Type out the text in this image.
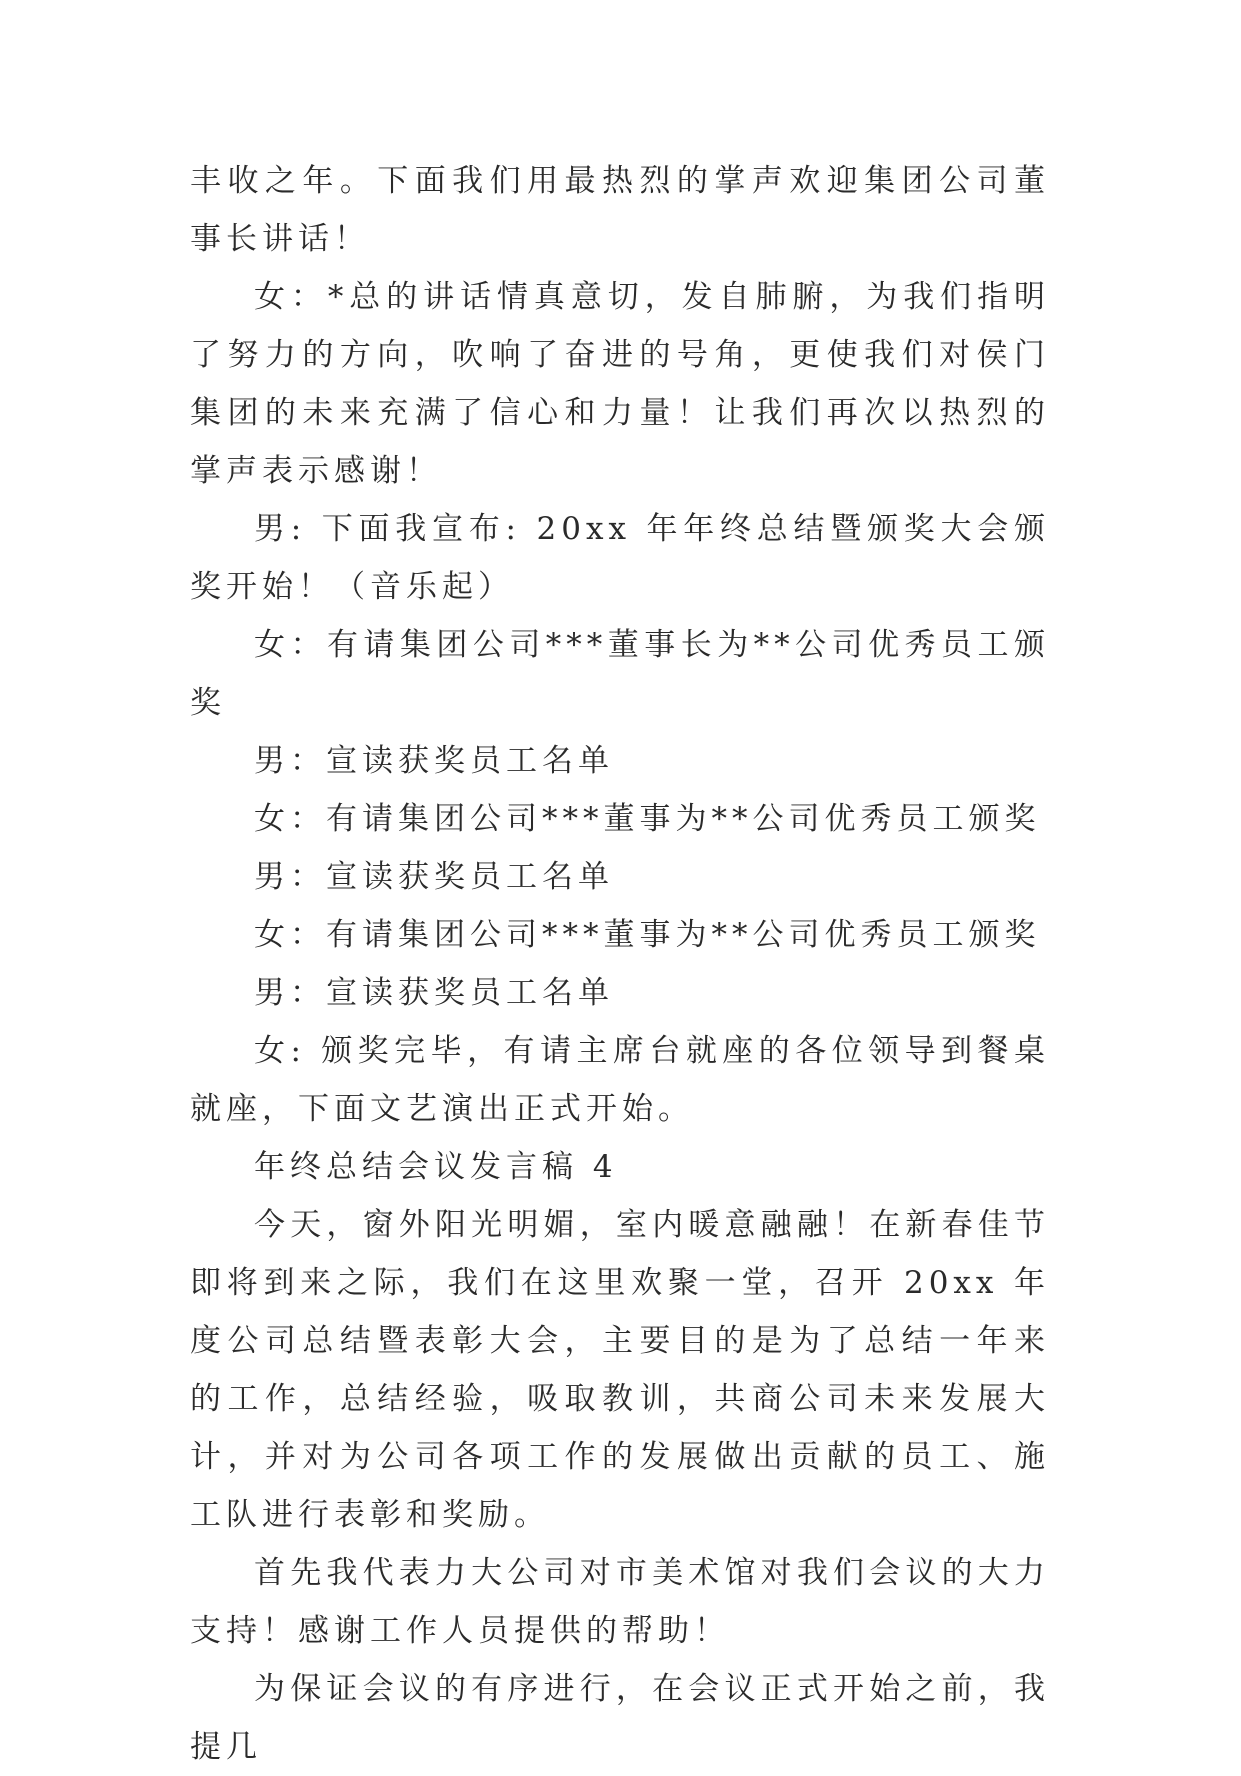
丰收之年。下面我们用最热烈的掌声欢迎集团公司董事长讲话！

女：*总的讲话情真意切，发自肺腑，为我们指明了努力的方向，吹响了奋进的号角，更使我们对侯门集团的未来充满了信心和力量！让我们再次以热烈的掌声表示感谢！

男: 下面我宣布: 20xx 年年终总结暨颁奖大会颁奖开始！（音乐起）

女：有请集团公司***董事长为**公司优秀员工颁奖

男：宣读获奖员工名单

女：有请集团公司***董事为**公司优秀员工颁奖

男：宣读获奖员工名单

女：有请集团公司***董事为**公司优秀员工颁奖

男：宣读获奖员工名单

女: 颁奖完毕，有请主席台就座的各位领导到餐桌就座，下面文艺演出正式开始。

年终总结会议发言稿 4

今天，窗外阳光明媚，室内暖意融融！在新春佳节即将到来之际，我们在这里欢聚一堂，召开 20xx 年度公司总结暨表彰大会，主要目的是为了总结一年来的工作，总结经验，吸取教训，共商公司未来发展大计，并对为公司各项工作的发展做出贡献的员工、施工队进行表彰和奖励。

首先我代表力大公司对市美术馆对我们会议的大力支持！感谢工作人员提供的帮助！

为保证会议的有序进行，在会议正式开始之前，我提几
